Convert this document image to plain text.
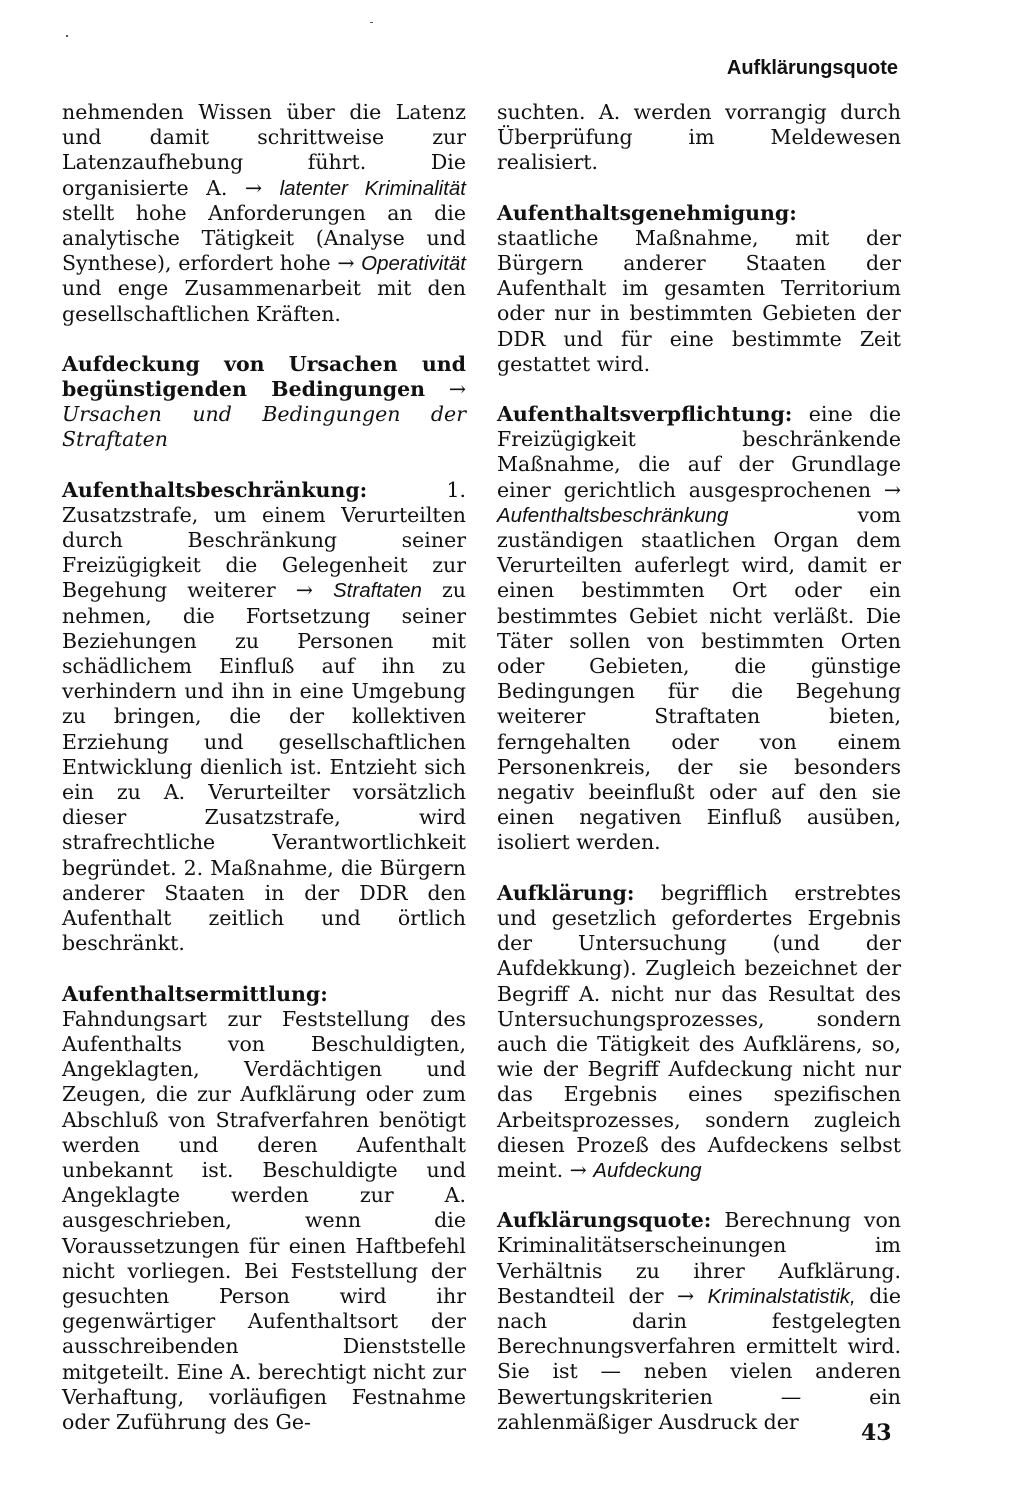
Aufklärungsquote

nehmenden Wissen über die Latenz und damit schrittweise zur Latenzaufhebung führt. Die organisierte A. → latenter Kriminalität stellt hohe Anforderungen an die analytische Tätigkeit (Analyse und Synthese), erfordert hohe → Operativität und enge Zusammenarbeit mit den gesellschaftlichen Kräften.

Aufdeckung von Ursachen und begünstigenden Bedingungen → Ursachen und Bedingungen der Straftaten

Aufenthaltsbeschränkung: 1. Zusatzstrafe, um einem Verurteilten durch Beschränkung seiner Freizügigkeit die Gelegenheit zur Begehung weiterer → Straftaten zu nehmen, die Fortsetzung seiner Beziehungen zu Personen mit schädlichem Einfluß auf ihn zu verhindern und ihn in eine Umgebung zu bringen, die der kollektiven Erziehung und gesellschaftlichen Entwicklung dienlich ist. Entzieht sich ein zu A. Verurteilter vorsätzlich dieser Zusatzstrafe, wird strafrechtliche Verantwortlichkeit begründet. 2. Maßnahme, die Bürgern anderer Staaten in der DDR den Aufenthalt zeitlich und örtlich beschränkt.

Aufenthaltsermittlung: Fahndungsart zur Feststellung des Aufenthalts von Beschuldigten, Angeklagten, Verdächtigen und Zeugen, die zur Aufklärung oder zum Abschluß von Strafverfahren benötigt werden und deren Aufenthalt unbekannt ist. Beschuldigte und Angeklagte werden zur A. ausgeschrieben, wenn die Voraussetzungen für einen Haftbefehl nicht vorliegen. Bei Feststellung der gesuchten Person wird ihr gegenwärtiger Aufenthaltsort der ausschreibenden Dienststelle mitgeteilt. Eine A. berechtigt nicht zur Verhaftung, vorläufigen Festnahme oder Zuführung des Ge-

suchten. A. werden vorrangig durch Überprüfung im Meldewesen realisiert.

Aufenthaltsgenehmigung: staatliche Maßnahme, mit der Bürgern anderer Staaten der Aufenthalt im gesamten Territorium oder nur in bestimmten Gebieten der DDR und für eine bestimmte Zeit gestattet wird.

Aufenthaltsverpflichtung: eine die Freizügigkeit beschränkende Maßnahme, die auf der Grundlage einer gerichtlich ausgesprochenen → Aufenthaltsbeschränkung vom zuständigen staatlichen Organ dem Verurteilten auferlegt wird, damit er einen bestimmten Ort oder ein bestimmtes Gebiet nicht verläßt. Die Täter sollen von bestimmten Orten oder Gebieten, die günstige Bedingungen für die Begehung weiterer Straftaten bieten, ferngehalten oder von einem Personenkreis, der sie besonders negativ beeinflußt oder auf den sie einen negativen Einfluß ausüben, isoliert werden.

Aufklärung: begrifflich erstrebtes und gesetzlich gefordertes Ergebnis der Untersuchung (und der Aufdekkung). Zugleich bezeichnet der Begriff A. nicht nur das Resultat des Untersuchungsprozesses, sondern auch die Tätigkeit des Aufklärens, so, wie der Begriff Aufdeckung nicht nur das Ergebnis eines spezifischen Arbeitsprozesses, sondern zugleich diesen Prozeß des Aufdeckens selbst meint. → Aufdeckung

Aufklärungsquote: Berechnung von Kriminalitätserscheinungen im Verhältnis zu ihrer Aufklärung. Bestandteil der → Kriminalstatistik, die nach darin festgelegten Berechnungsverfahren ermittelt wird. Sie ist — neben vielen anderen Bewertungskriterien — ein zahlenmäßiger Ausdruck der	43
